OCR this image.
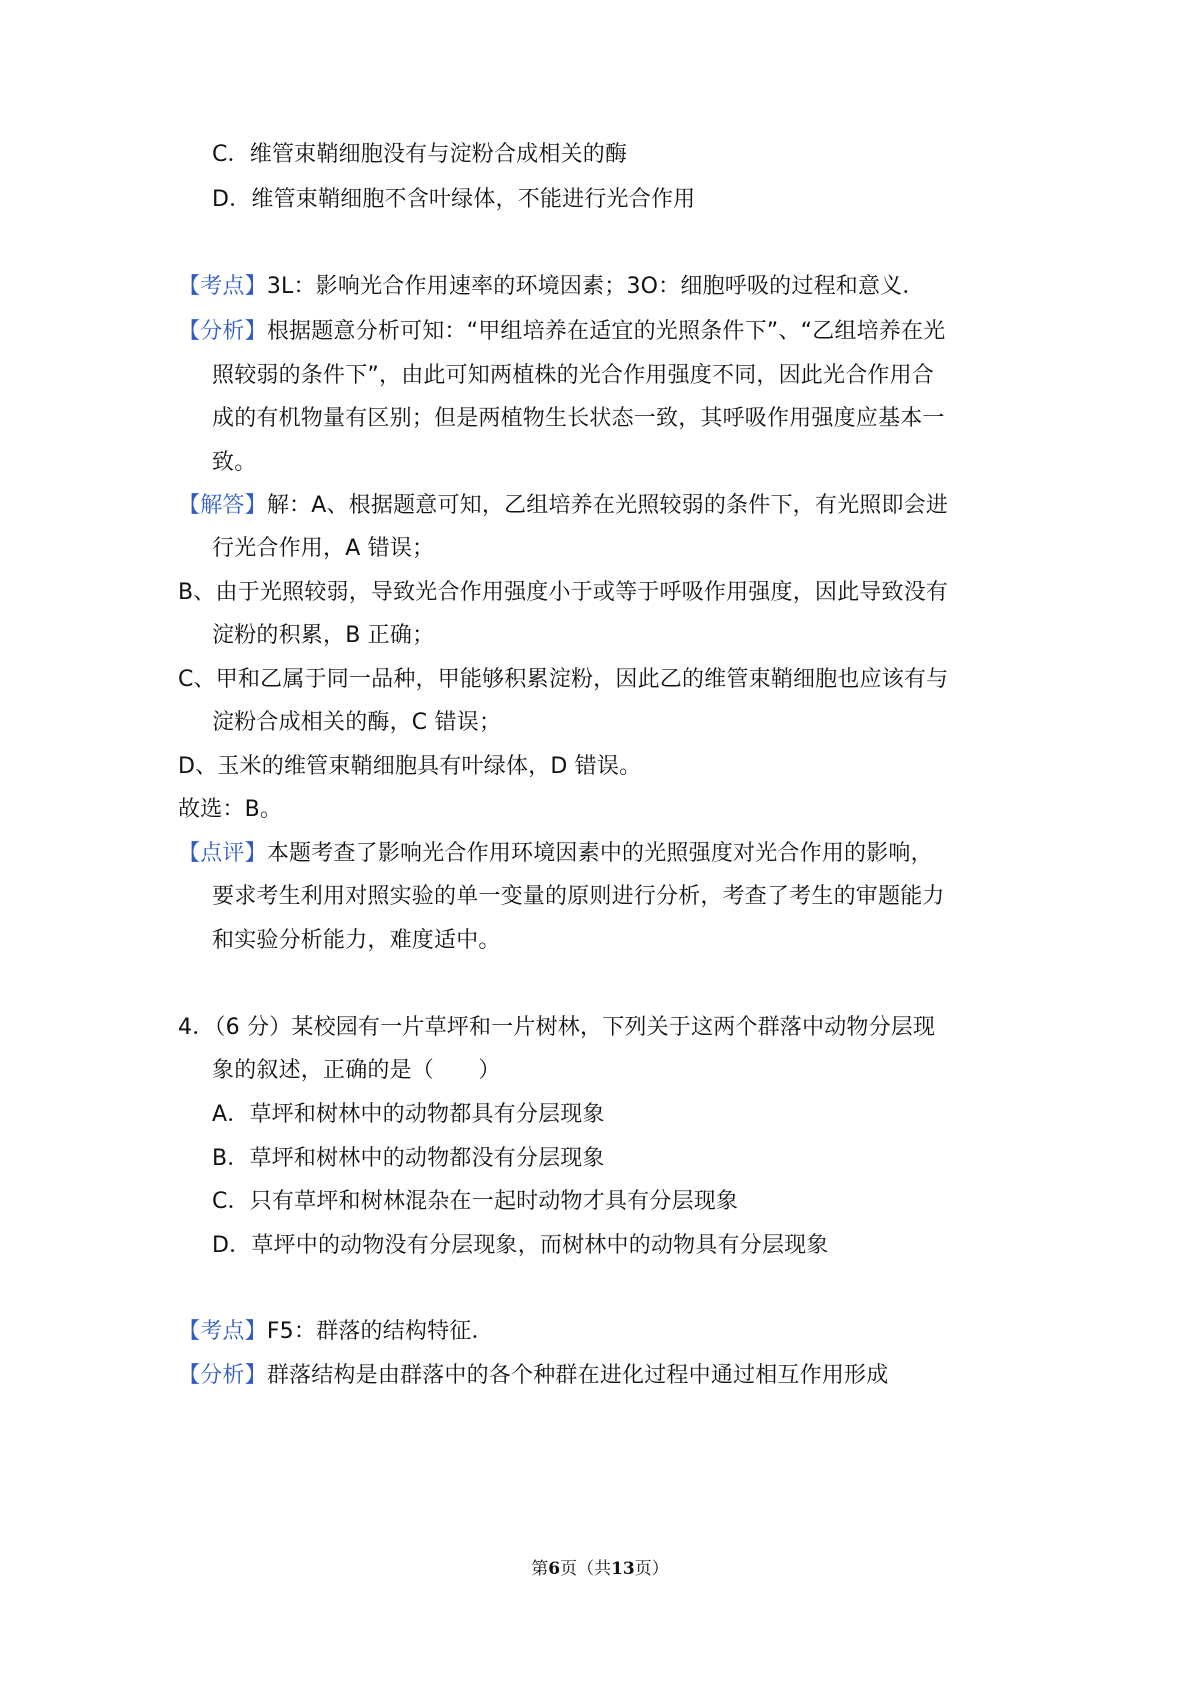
C．维管束鞘细胞没有与淀粉合成相关的酶
D．维管束鞘细胞不含叶绿体，不能进行光合作用
【考点】3L：影响光合作用速率的环境因素；3O：细胞呼吸的过程和意义．
【分析】根据题意分析可知：“甲组培养在适宜的光照条件下”、“乙组培养在光
照较弱的条件下”，由此可知两植株的光合作用强度不同，因此光合作用合
成的有机物量有区别；但是两植物生长状态一致，其呼吸作用强度应基本一
致。
【解答】解：A、根据题意可知，乙组培养在光照较弱的条件下，有光照即会进
行光合作用，A 错误；
B、由于光照较弱，导致光合作用强度小于或等于呼吸作用强度，因此导致没有
淀粉的积累，B 正确；
C、甲和乙属于同一品种，甲能够积累淀粉，因此乙的维管束鞘细胞也应该有与
淀粉合成相关的酶，C 错误；
D、玉米的维管束鞘细胞具有叶绿体，D 错误。
故选：B。
【点评】本题考查了影响光合作用环境因素中的光照强度对光合作用的影响，
要求考生利用对照实验的单一变量的原则进行分析，考查了考生的审题能力
和实验分析能力，难度适中。
4．（6 分）某校园有一片草坪和一片树林，下列关于这两个群落中动物分层现
象的叙述，正确的是（　　）
A．草坪和树林中的动物都具有分层现象
B．草坪和树林中的动物都没有分层现象
C．只有草坪和树林混杂在一起时动物才具有分层现象
D．草坪中的动物没有分层现象，而树林中的动物具有分层现象
【考点】F5：群落的结构特征．
【分析】群落结构是由群落中的各个种群在进化过程中通过相互作用形成
第6页（共13页）
